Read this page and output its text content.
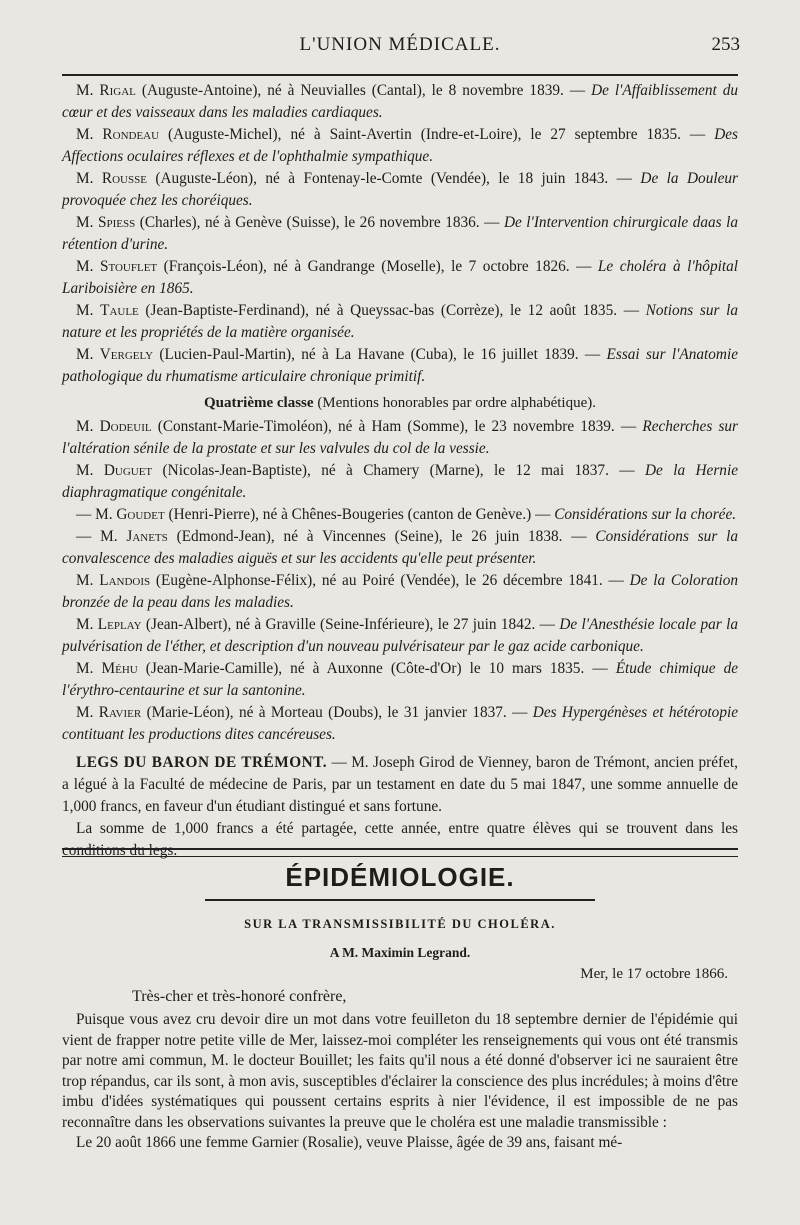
L'UNION MÉDICALE.	253

M. Rigal (Auguste-Antoine), né à Neuvialles (Cantal), le 8 novembre 1839. — De l'Affaiblissement du cœur et des vaisseaux dans les maladies cardiaques.

M. Rondeau (Auguste-Michel), né à Saint-Avertin (Indre-et-Loire), le 27 septembre 1835. — Des Affections oculaires réflexes et de l'ophthalmie sympathique.

M. Rousse (Auguste-Léon), né à Fontenay-le-Comte (Vendée), le 18 juin 1843. — De la Douleur provoquée chez les choréiques.

M. Spiess (Charles), né à Genève (Suisse), le 26 novembre 1836. — De l'Intervention chirurgicale daas la rétention d'urine.

M. Stouflet (François-Léon), né à Gandrange (Moselle), le 7 octobre 1826. — Le choléra à l'hôpital Lariboisière en 1865.

M. Taule (Jean-Baptiste-Ferdinand), né à Queyssac-bas (Corrèze), le 12 août 1835. — Notions sur la nature et les propriétés de la matière organisée.

M. Vergely (Lucien-Paul-Martin), né à La Havane (Cuba), le 16 juillet 1839. — Essai sur l'Anatomie pathologique du rhumatisme articulaire chronique primitif.

Quatrième classe (Mentions honorables par ordre alphabétique).

M. Dodeuil (Constant-Marie-Timoléon), né à Ham (Somme), le 23 novembre 1839. — Recherches sur l'altération sénile de la prostate et sur les valvules du col de la vessie.

M. Duguet (Nicolas-Jean-Baptiste), né à Chamery (Marne), le 12 mai 1837. — De la Hernie diaphragmatique congénitale.

— M. Goudet (Henri-Pierre), né à Chênes-Bougeries (canton de Genève.) — Considérations sur la chorée.

— M. Janets (Edmond-Jean), né à Vincennes (Seine), le 26 juin 1838. — Considérations sur la convalescence des maladies aiguës et sur les accidents qu'elle peut présenter.

M. Landois (Eugène-Alphonse-Félix), né au Poiré (Vendée), le 26 décembre 1841. — De la Coloration bronzée de la peau dans les maladies.

M. Leplay (Jean-Albert), né à Graville (Seine-Inférieure), le 27 juin 1842. — De l'Anesthésie locale par la pulvérisation de l'éther, et description d'un nouveau pulvérisateur par le gaz acide carbonique.

M. Méhu (Jean-Marie-Camille), né à Auxonne (Côte-d'Or) le 10 mars 1835. — Étude chimique de l'érythro-centaurine et sur la santonine.

M. Ravier (Marie-Léon), né à Morteau (Doubs), le 31 janvier 1837. — Des Hypergénèses et hétérotopie contituant les productions dites cancéreuses.

LEGS DU BARON DE TRÉMONT. — M. Joseph Girod de Vienney, baron de Trémont, ancien préfet, a légué à la Faculté de médecine de Paris, par un testament en date du 5 mai 1847, une somme annuelle de 1,000 francs, en faveur d'un étudiant distingué et sans fortune.

La somme de 1,000 francs a été partagée, cette année, entre quatre élèves qui se trouvent dans les conditions du legs.

ÉPIDÉMIOLOGIE.
SUR LA TRANSMISSIBILITÉ DU CHOLÉRA.
A M. Maximin Legrand.
Mer, le 17 octobre 1866.
Très-cher et très-honoré confrère,

Puisque vous avez cru devoir dire un mot dans votre feuilleton du 18 septembre dernier de l'épidémie qui vient de frapper notre petite ville de Mer, laissez-moi compléter les renseignements qui vous ont été transmis par notre ami commun, M. le docteur Bouillet; les faits qu'il nous a été donné d'observer ici ne sauraient être trop répandus, car ils sont, à mon avis, susceptibles d'éclairer la conscience des plus incrédules; à moins d'être imbu d'idées systématiques qui poussent certains esprits à nier l'évidence, il est impossible de ne pas reconnaître dans les observations suivantes la preuve que le choléra est une maladie transmissible :

Le 20 août 1866 une femme Garnier (Rosalie), veuve Plaisse, âgée de 39 ans, faisant mé-
